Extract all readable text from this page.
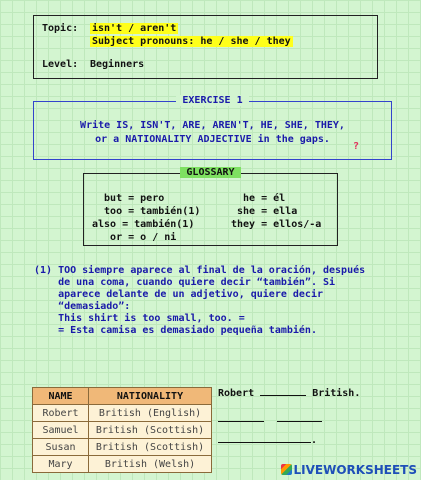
Topic: isn't / aren't
Subject pronouns: he / she / they
Level: Beginners
EXERCISE 1
Write IS, ISN'T, ARE, AREN'T, HE, SHE, THEY,
or a NATIONALITY ADJECTIVE in the gaps.
?
GLOSSARY
but = pero
too = también(1)
also = también(1)
or = o / ni
he = él
she = ella
they = ellos/-a
(1) TOO siempre aparece al final de la oración, después
de una coma, cuando quiere decir “también”. Si
aparece delante de un adjetivo, quiere decir
“demasiado”:
This shirt is too small, too. =
= Esta camisa es demasiado pequeña también.
NAME	NATIONALITY
Robert	British (English)
Samuel	British (Scottish)
Susan	British (Scottish)
Mary	British (Welsh)
Robert	British.
.
LIVEWORKSHEETS
